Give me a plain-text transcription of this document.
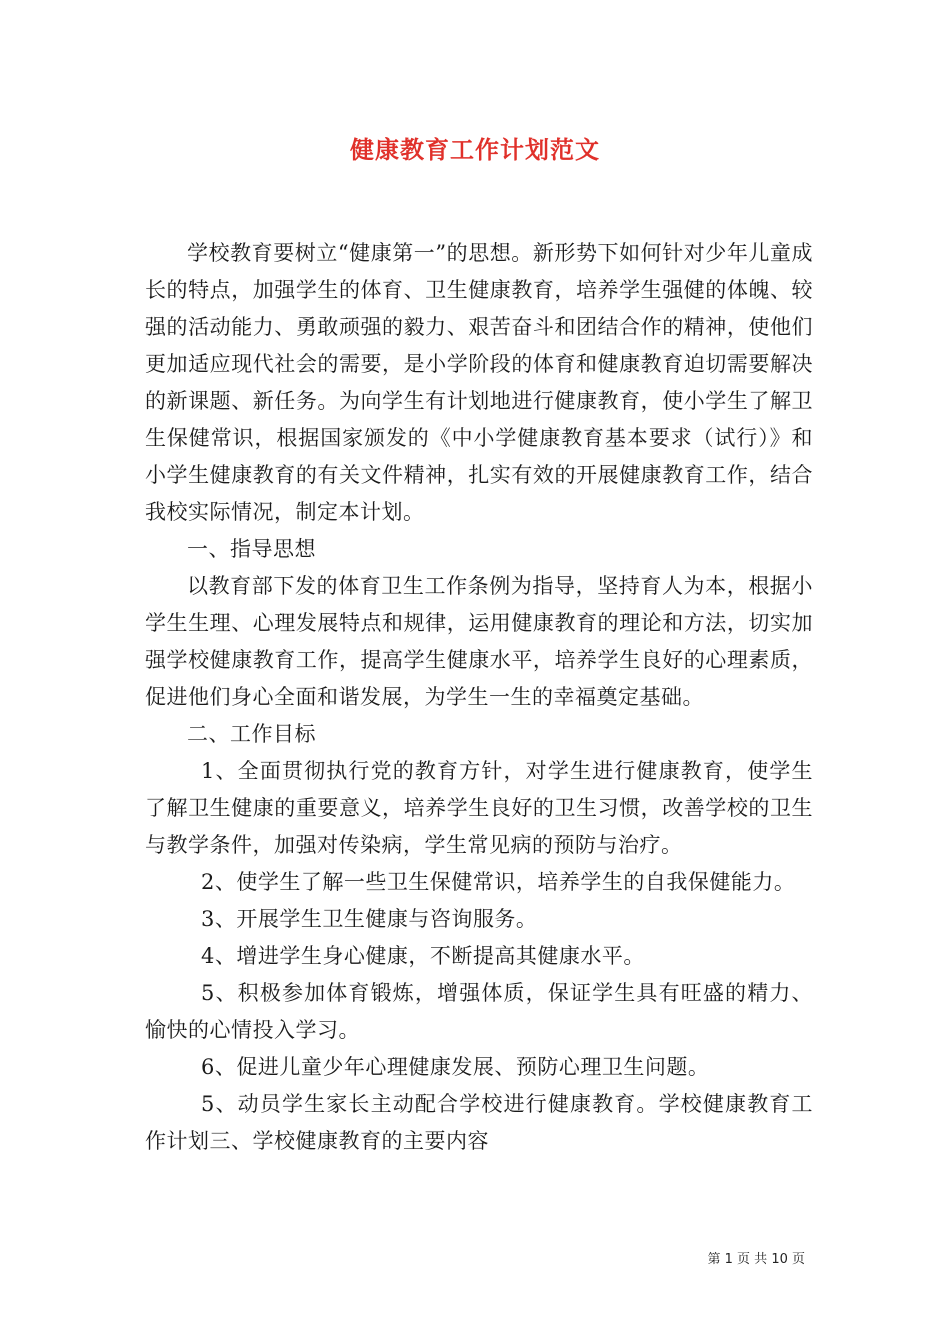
健康教育工作计划范文

学校教育要树立“健康第一”的思想。新形势下如何针对少年儿童成长的特点，加强学生的体育、卫生健康教育，培养学生强健的体魄、较强的活动能力、勇敢顽强的毅力、艰苦奋斗和团结合作的精神，使他们更加适应现代社会的需要，是小学阶段的体育和健康教育迫切需要解决的新课题、新任务。为向学生有计划地进行健康教育，使小学生了解卫生保健常识，根据国家颁发的《中小学健康教育基本要求（试行）》和小学生健康教育的有关文件精神，扎实有效的开展健康教育工作，结合我校实际情况，制定本计划。

一、指导思想

以教育部下发的体育卫生工作条例为指导，坚持育人为本，根据小学生生理、心理发展特点和规律，运用健康教育的理论和方法，切实加强学校健康教育工作，提高学生健康水平，培养学生良好的心理素质，促进他们身心全面和谐发展，为学生一生的幸福奠定基础。

二、工作目标

1、全面贯彻执行党的教育方针，对学生进行健康教育，使学生了解卫生健康的重要意义，培养学生良好的卫生习惯，改善学校的卫生与教学条件，加强对传染病，学生常见病的预防与治疗。

2、使学生了解一些卫生保健常识，培养学生的自我保健能力。

3、开展学生卫生健康与咨询服务。

4、增进学生身心健康，不断提高其健康水平。

5、积极参加体育锻炼，增强体质，保证学生具有旺盛的精力、愉快的心情投入学习。

6、促进儿童少年心理健康发展、预防心理卫生问题。

5、动员学生家长主动配合学校进行健康教育。学校健康教育工作计划三、学校健康教育的主要内容

第 1 页 共 10 页
